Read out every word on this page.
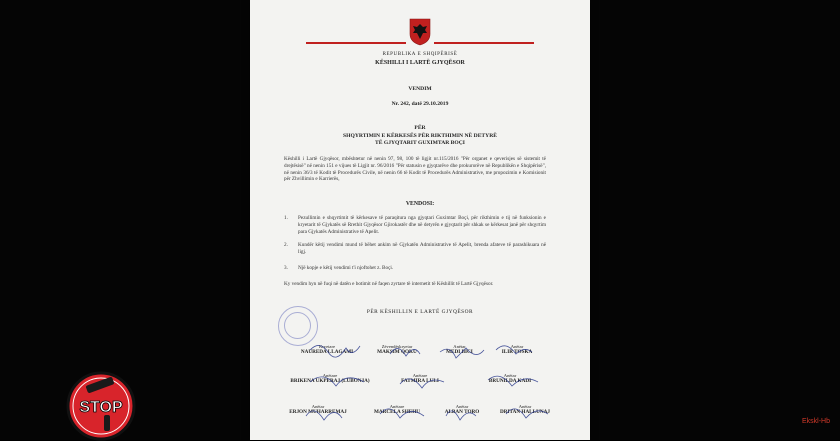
REPUBLIKA E SHQIPËRISË
KËSHILLI I LARTË GJYQËSOR
VENDIM
Nr. 242, datë 29.10.2019
PËR
SHQYRTIMIN E KËRKESËS PËR RIKTHIMIN NË DETYRË
TË GJYQTARIT GUXIMTAR BOÇI
Këshilli i Lartë Gjyqësor, mbështetur në nenin 97, 98, 100 të ligjit nr.115/2016 "Për organet e qeverisjes së sistemit të drejtësisë" në nenin 151 e vijues të Ligjit nr. 96/2016 "Për statusin e gjyqtarëve dhe prokurorëve në Republikën e Shqipërisë", në nenin 36/3 të Kodit të Procedurës Civile, në nenin 66 të Kodit të Procedurës Administrative, me propozimin e Komisionit për Zhvillimin e Karrierës,
VENDOSI:
1. Pezullimin e shqyrtimit të kërkesave të paraqitura nga gjyqtari Guximtar Boçi, për rikthimin e tij në funksionin e kryetarit të Gjykatës së Rrethit Gjyqësor Gjirokastër dhe në detyrën e gjyqtarit për shkak se kërkesat janë për shqyrtim para Gjykatës Administrative të Apelit.
2. Kundër këtij vendimi mund të bëhet ankim në Gjykatën Administrative të Apelit, brenda afateve të parashikuara në ligj.
3. Një kopje e këtij vendimi t'i njoftohet z. Boçi.
Ky vendim hyn në fuqi në datën e botimit në faqen zyrtare të internetit të Këshillit të Lartë Gjyqësor.
PËR KËSHILLIN E LARTË GJYQËSOR
Kryetare
NAUREDA LLAGAMI
Zëvendëskryetar
MAKSIM QOKU
Anëtar
MEDI BICI
Anëtar
ILIR TOSKA
Anëtare
BRIKENA UKPERAJ (LUBONJA)
Anëtare
FATMIRA LULI
Anëtar
BRUNILDA KADI
Anëtar
ERJON MUHARREMAJ
Anëtare
MARCELA SHEHU
Anëtar
ALBAN TORO
Anëtar
DRITAN HALLUNAJ
STOP
Ekskl-Hb
